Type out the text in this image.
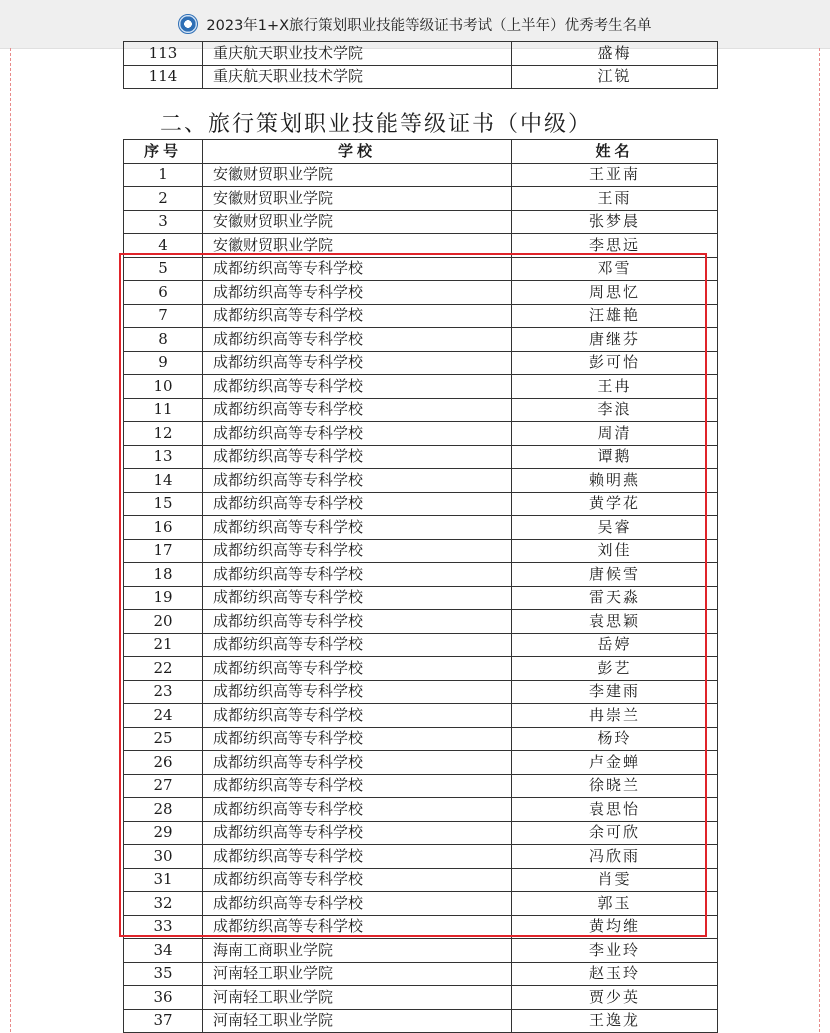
2023年1+X旅行策划职业技能等级证书考试（上半年）优秀考生名单
113	重庆航天职业技术学院	盛梅
114	重庆航天职业技术学院	江锐
二、旅行策划职业技能等级证书（中级）
序号	学校	姓名
1	安徽财贸职业学院	王亚南
2	安徽财贸职业学院	王雨
3	安徽财贸职业学院	张梦晨
4	安徽财贸职业学院	李思远
5	成都纺织高等专科学校	邓雪
6	成都纺织高等专科学校	周思忆
7	成都纺织高等专科学校	汪雄艳
8	成都纺织高等专科学校	唐继芬
9	成都纺织高等专科学校	彭可怡
10	成都纺织高等专科学校	王冉
11	成都纺织高等专科学校	李浪
12	成都纺织高等专科学校	周清
13	成都纺织高等专科学校	谭鹅
14	成都纺织高等专科学校	赖明燕
15	成都纺织高等专科学校	黄学花
16	成都纺织高等专科学校	吴睿
17	成都纺织高等专科学校	刘佳
18	成都纺织高等专科学校	唐候雪
19	成都纺织高等专科学校	雷天淼
20	成都纺织高等专科学校	袁思颖
21	成都纺织高等专科学校	岳婷
22	成都纺织高等专科学校	彭艺
23	成都纺织高等专科学校	李建雨
24	成都纺织高等专科学校	冉崇兰
25	成都纺织高等专科学校	杨玲
26	成都纺织高等专科学校	卢金蝉
27	成都纺织高等专科学校	徐晓兰
28	成都纺织高等专科学校	袁思怡
29	成都纺织高等专科学校	余可欣
30	成都纺织高等专科学校	冯欣雨
31	成都纺织高等专科学校	肖雯
32	成都纺织高等专科学校	郭玉
33	成都纺织高等专科学校	黄均维
34	海南工商职业学院	李业玲
35	河南轻工职业学院	赵玉玲
36	河南轻工职业学院	贾少英
37	河南轻工职业学院	王逸龙
